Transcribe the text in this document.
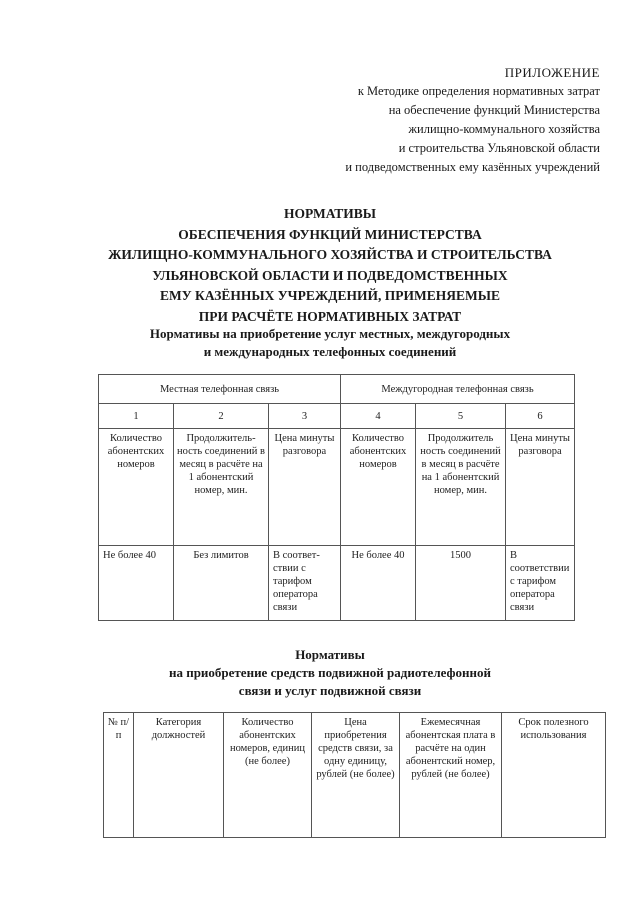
ПРИЛОЖЕНИЕ
к Методике определения нормативных затрат
на обеспечение функций Министерства
жилищно-коммунального хозяйства
и строительства Ульяновской области
и подведомственных ему казённых учреждений
НОРМАТИВЫ
ОБЕСПЕЧЕНИЯ ФУНКЦИЙ МИНИСТЕРСТВА
ЖИЛИЩНО-КОММУНАЛЬНОГО ХОЗЯЙСТВА И СТРОИТЕЛЬСТВА
УЛЬЯНОВСКОЙ ОБЛАСТИ И ПОДВЕДОМСТВЕННЫХ
ЕМУ КАЗЁННЫХ УЧРЕЖДЕНИЙ, ПРИМЕНЯЕМЫЕ
ПРИ РАСЧЁТЕ НОРМАТИВНЫХ ЗАТРАТ
Нормативы на приобретение услуг местных, междугородных
и международных телефонных соединений
Местная телефонная связь			Междугородная телефонная связь		
1	2	3	4	5	6
Количество абонентских номеров	Продолжитель-ность соединений в месяц в расчёте на 1 абонентский номер, мин.	Цена минуты разговора	Количество абонентских номеров	Продолжитель ность соединений в месяц в расчёте на 1 абонентский номер, мин.	Цена минуты разговора
Не более 40	Без лимитов	В соответ-ствии с тарифом оператора связи	Не более 40	1500	В соответствии с тарифом оператора связи
Нормативы
на приобретение средств подвижной радиотелефонной
связи и услуг подвижной связи
№ п/п	Категория должностей	Количество абонентских номеров, единиц (не более)	Цена приобретения средств связи, за одну единицу, рублей (не более)	Ежемесячная абонентская плата в расчёте на один абонентский номер, рублей (не более)	Срок полезного использования
